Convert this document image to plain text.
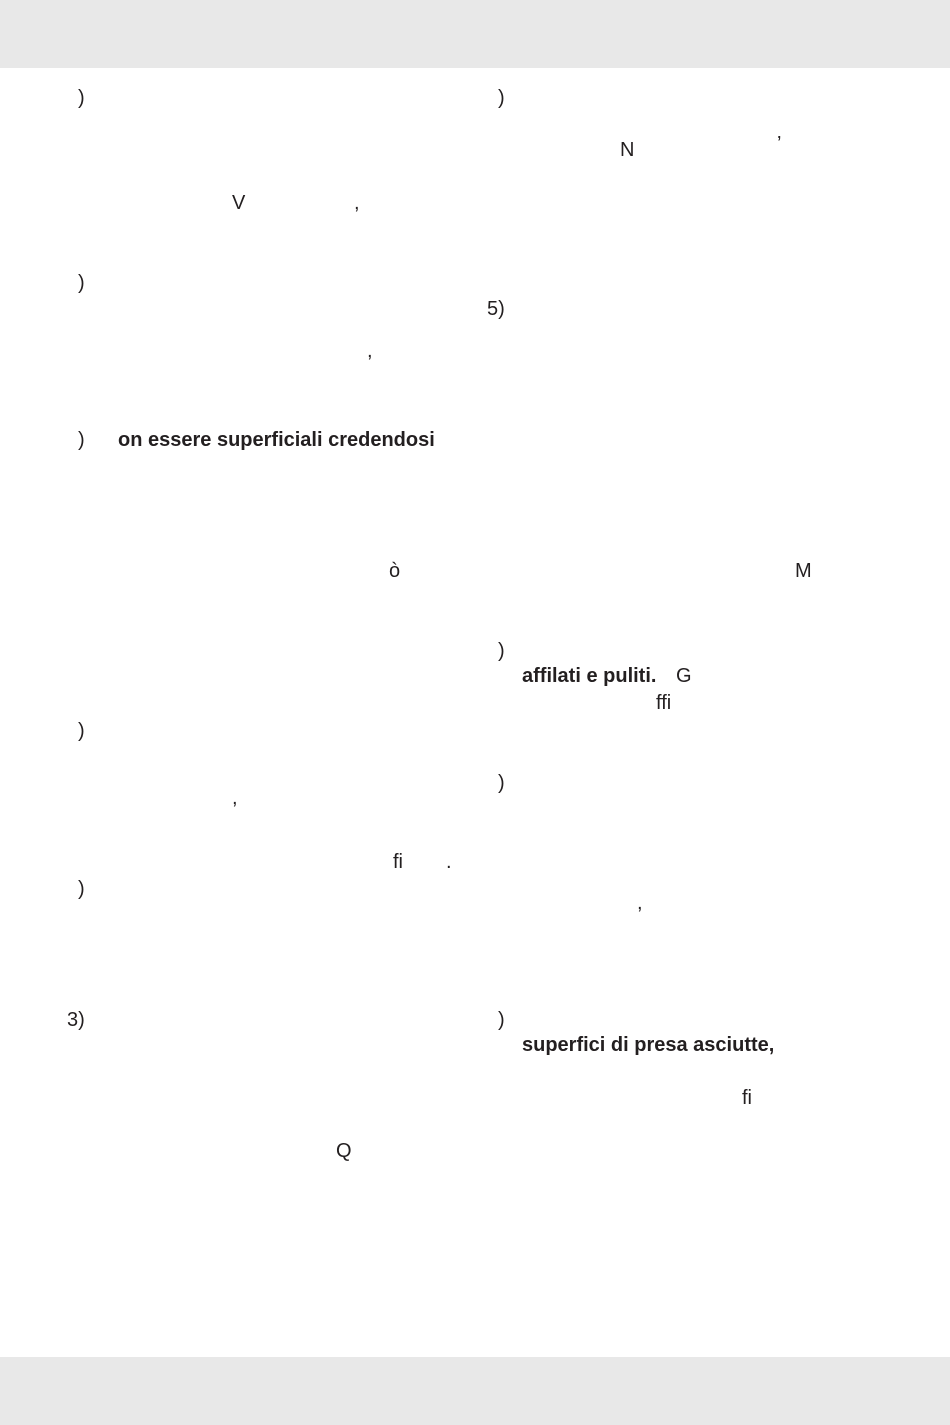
)
V	,
)
,
) on essere superficiali credendosi
ò
)
,
fi .
)
3)
Q
)
N	’
5)
M
)
affilati e puliti. G
ffi
)
,
)
superfici di presa asciutte,
fi
